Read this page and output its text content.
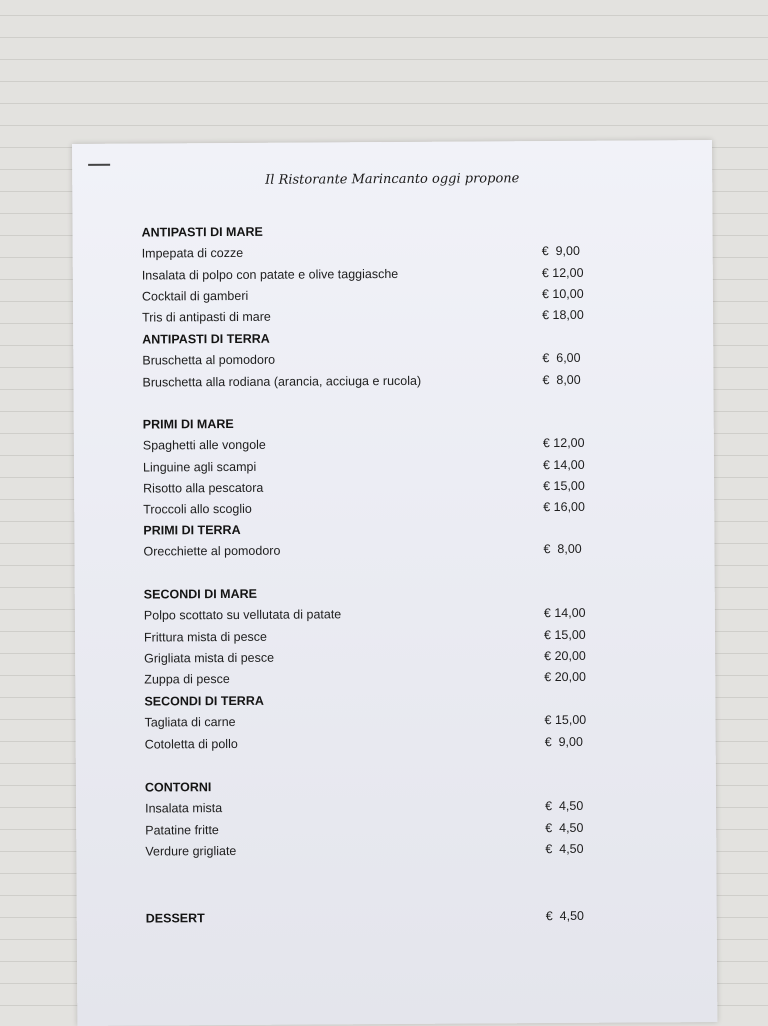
Il Ristorante Marincanto oggi propone
ANTIPASTI DI MARE
Impepata di cozze	€  9,00
Insalata di polpo con patate e olive taggiasche	€ 12,00
Cocktail di gamberi	€ 10,00
Tris di antipasti di mare	€ 18,00
ANTIPASTI DI TERRA
Bruschetta al pomodoro	€  6,00
Bruschetta alla rodiana (arancia, acciuga e rucola)	€  8,00
PRIMI DI MARE
Spaghetti alle vongole	€ 12,00
Linguine agli scampi	€ 14,00
Risotto alla pescatora	€ 15,00
Troccoli allo scoglio	€ 16,00
PRIMI DI TERRA
Orecchiette al pomodoro	€  8,00
SECONDI DI MARE
Polpo scottato su vellutata di patate	€ 14,00
Frittura mista di pesce	€ 15,00
Grigliata mista di pesce	€ 20,00
Zuppa di pesce	€ 20,00
SECONDI DI TERRA
Tagliata di carne	€ 15,00
Cotoletta di pollo	€  9,00
CONTORNI
Insalata mista	€  4,50
Patatine fritte	€  4,50
Verdure grigliate	€  4,50
DESSERT	€  4,50
